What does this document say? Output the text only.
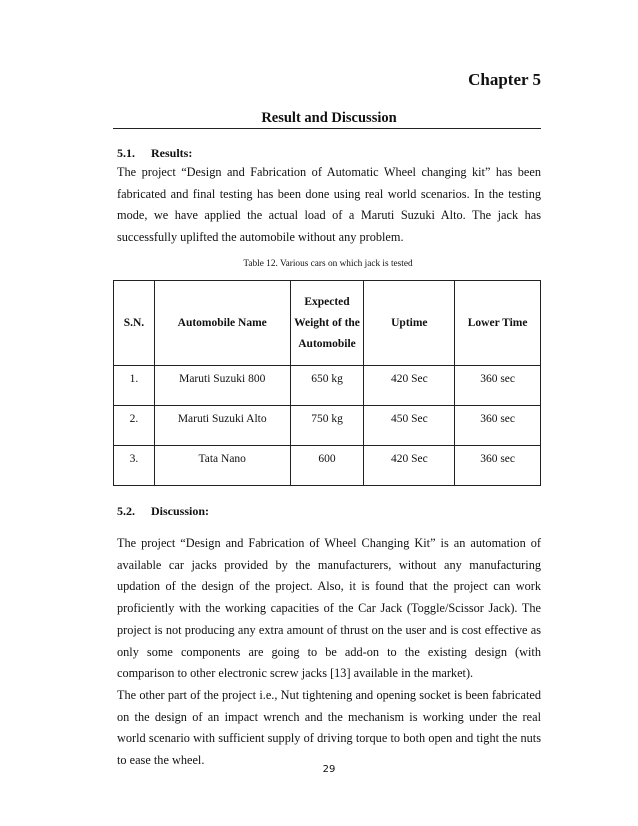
Chapter 5
Result and Discussion
5.1. Results:

The project “Design and Fabrication of Automatic Wheel changing kit” has been fabricated and final testing has been done using real world scenarios. In the testing mode, we have applied the actual load of a Maruti Suzuki Alto. The jack has successfully uplifted the automobile without any problem.

Table 12. Various cars on which jack is tested
S.N.	Automobile Name	Expected Weight of the Automobile	Uptime	Lower Time
1.	Maruti Suzuki 800	650 kg	420 Sec	360 sec
2.	Maruti Suzuki Alto	750 kg	450 Sec	360 sec
3.	Tata Nano	600	420 Sec	360 sec
5.2. Discussion:

The project “Design and Fabrication of Wheel Changing Kit” is an automation of available car jacks provided by the manufacturers, without any manufacturing updation of the design of the project. Also, it is found that the project can work proficiently with the working capacities of the Car Jack (Toggle/Scissor Jack). The project is not producing any extra amount of thrust on the user and is cost effective as only some components are going to be add-on to the existing design (with comparison to other electronic screw jacks [13] available in the market).

The other part of the project i.e., Nut tightening and opening socket is been fabricated on the design of an impact wrench and the mechanism is working under the real world scenario with sufficient supply of driving torque to both open and tight the nuts to ease the wheel.

29
